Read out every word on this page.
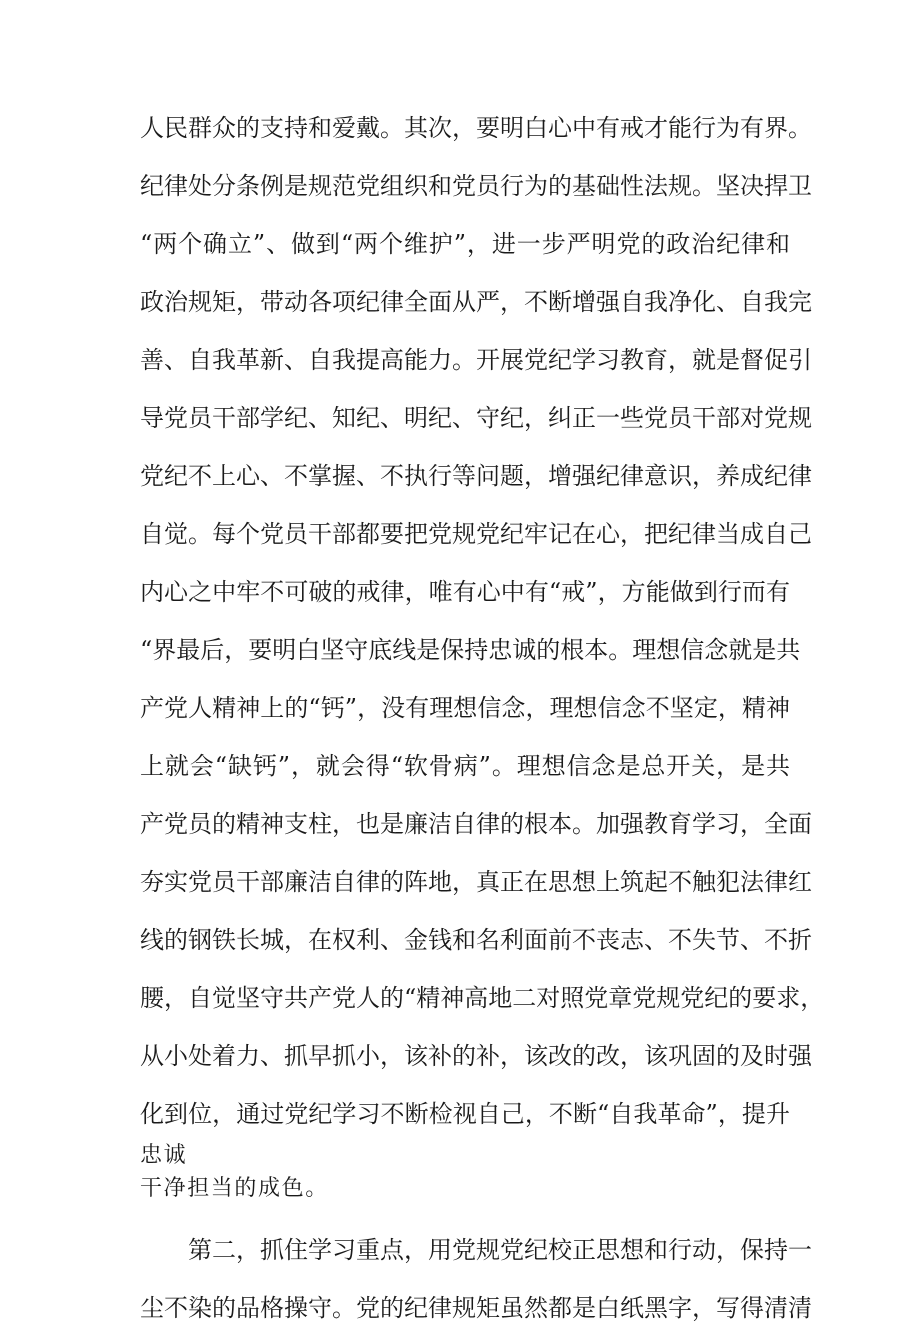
人民群众的支持和爱戴。其次，要明白心中有戒才能行为有界。
纪律处分条例是规范党组织和党员行为的基础性法规。坚决捍卫
“两个确立”、做到“两个维护”，进一步严明党的政治纪律和
政治规矩，带动各项纪律全面从严，不断增强自我净化、自我完
善、自我革新、自我提高能力。开展党纪学习教育，就是督促引
导党员干部学纪、知纪、明纪、守纪，纠正一些党员干部对党规
党纪不上心、不掌握、不执行等问题，增强纪律意识，养成纪律
自觉。每个党员干部都要把党规党纪牢记在心，把纪律当成自己
内心之中牢不可破的戒律，唯有心中有“戒”，方能做到行而有
“界最后，要明白坚守底线是保持忠诚的根本。理想信念就是共
产党人精神上的“钙”，没有理想信念，理想信念不坚定，精神
上就会“缺钙”，就会得“软骨病”。理想信念是总开关，是共
产党员的精神支柱，也是廉洁自律的根本。加强教育学习，全面
夯实党员干部廉洁自律的阵地，真正在思想上筑起不触犯法律红
线的钢铁长城，在权利、金钱和名利面前不丧志、不失节、不折
腰，自觉坚守共产党人的“精神高地二对照党章党规党纪的要求，
从小处着力、抓早抓小，该补的补，该改的改，该巩固的及时强
化到位，通过党纪学习不断检视自己，不断“自我革命”，提升
忠诚
干净担当的成色。
第二，抓住学习重点，用党规党纪校正思想和行动，保持一
尘不染的品格操守。党的纪律规矩虽然都是白纸黑字，写得清清
